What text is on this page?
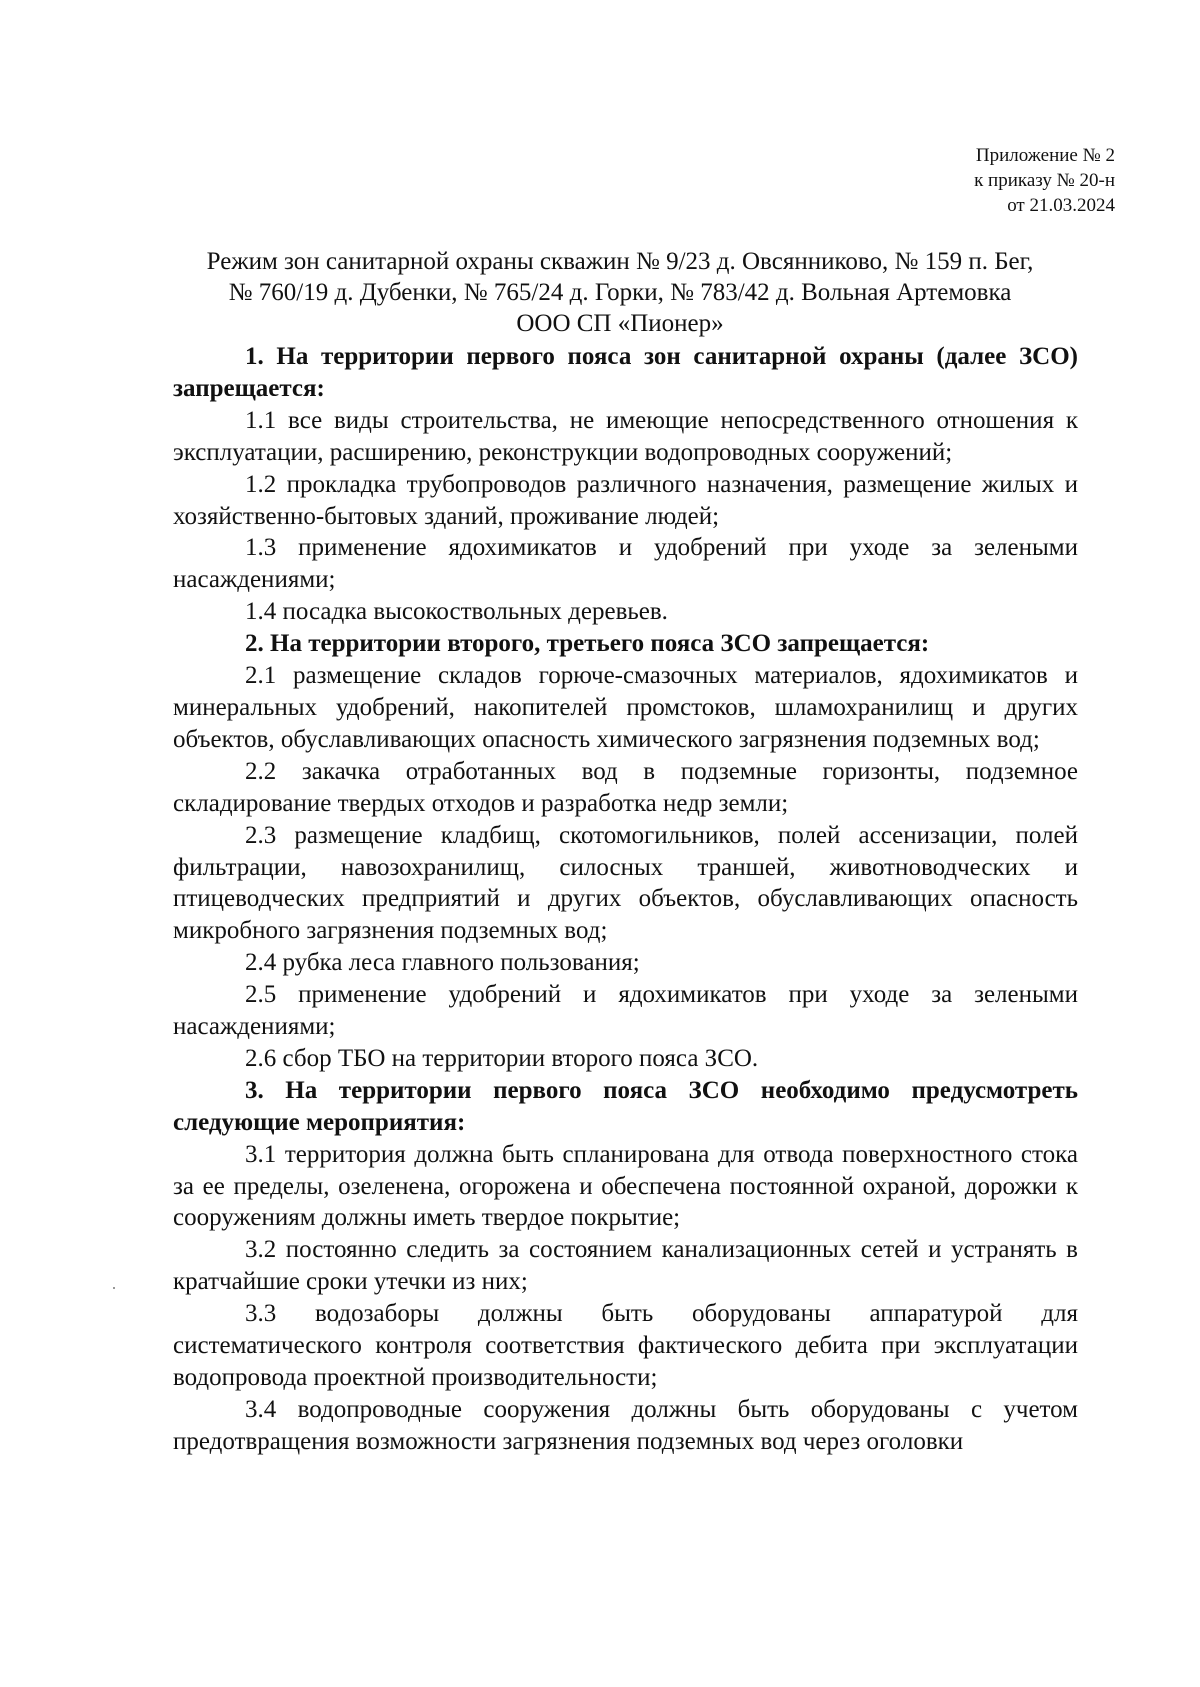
Приложение № 2
к приказу № 20-н
от 21.03.2024
Режим зон санитарной охраны скважин № 9/23 д. Овсянниково, № 159 п. Бег,
№ 760/19 д. Дубенки, № 765/24 д. Горки, № 783/42 д. Вольная Артемовка
ООО СП «Пионер»

1. На территории первого пояса зон санитарной охраны (далее ЗСО) запрещается:

1.1 все виды строительства, не имеющие непосредственного отношения к эксплуатации, расширению, реконструкции водопроводных сооружений;

1.2 прокладка трубопроводов различного назначения, размещение жилых и хозяйственно-бытовых зданий, проживание людей;

1.3 применение ядохимикатов и удобрений при уходе за зелеными насаждениями;

1.4 посадка высокоствольных деревьев.

2. На территории второго, третьего пояса ЗСО запрещается:

2.1 размещение складов горюче-смазочных материалов, ядохимикатов и минеральных удобрений, накопителей промстоков, шламохранилищ и других объектов, обуславливающих опасность химического загрязнения подземных вод;

2.2 закачка отработанных вод в подземные горизонты, подземное складирование твердых отходов и разработка недр земли;

2.3 размещение кладбищ, скотомогильников, полей ассенизации, полей фильтрации, навозохранилищ, силосных траншей, животноводческих и птицеводческих предприятий и других объектов, обуславливающих опасность микробного загрязнения подземных вод;

2.4 рубка леса главного пользования;

2.5 применение удобрений и ядохимикатов при уходе за зелеными насаждениями;

2.6 сбор ТБО на территории второго пояса ЗСО.

3. На территории первого пояса ЗСО необходимо предусмотреть следующие мероприятия:

3.1 территория должна быть спланирована для отвода поверхностного стока за ее пределы, озеленена, огорожена и обеспечена постоянной охраной, дорожки к сооружениям должны иметь твердое покрытие;

3.2 постоянно следить за состоянием канализационных сетей и устранять в кратчайшие сроки утечки из них;

3.3 водозаборы должны быть оборудованы аппаратурой для систематического контроля соответствия фактического дебита при эксплуатации водопровода проектной производительности;

3.4 водопроводные сооружения должны быть оборудованы с учетом предотвращения возможности загрязнения подземных вод через оголовки
